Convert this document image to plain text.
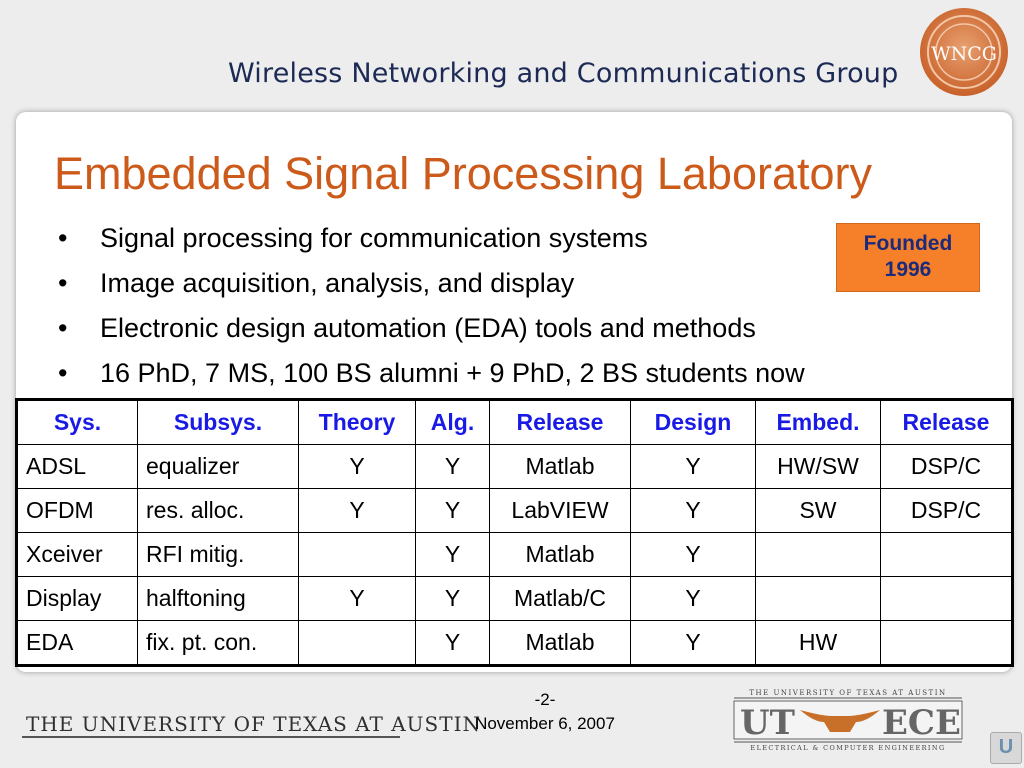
Wireless Networking and Communications Group
WNCG
Embedded Signal Processing Laboratory
• Signal processing for communication systems
• Image acquisition, analysis, and display
• Electronic design automation (EDA) tools and methods
• 16 PhD, 7 MS, 100 BS alumni + 9 PhD, 2 BS students now
Founded
1996
Sys.	Subsys.	Theory	Alg.	Release	Design	Embed.	Release
ADSL	equalizer	Y	Y	Matlab	Y	HW/SW	DSP/C
OFDM	res. alloc.	Y	Y	LabVIEW	Y	SW	DSP/C
Xceiver	RFI mitig.		Y	Matlab	Y		
Display	halftoning	Y	Y	Matlab/C	Y		
EDA	fix. pt. con.		Y	Matlab	Y	HW	
THE UNIVERSITY OF TEXAS AT AUSTIN
-2-
November 6, 2007
THE UNIVERSITY OF TEXAS AT AUSTIN
UT	ECE
ELECTRICAL & COMPUTER ENGINEERING	U
